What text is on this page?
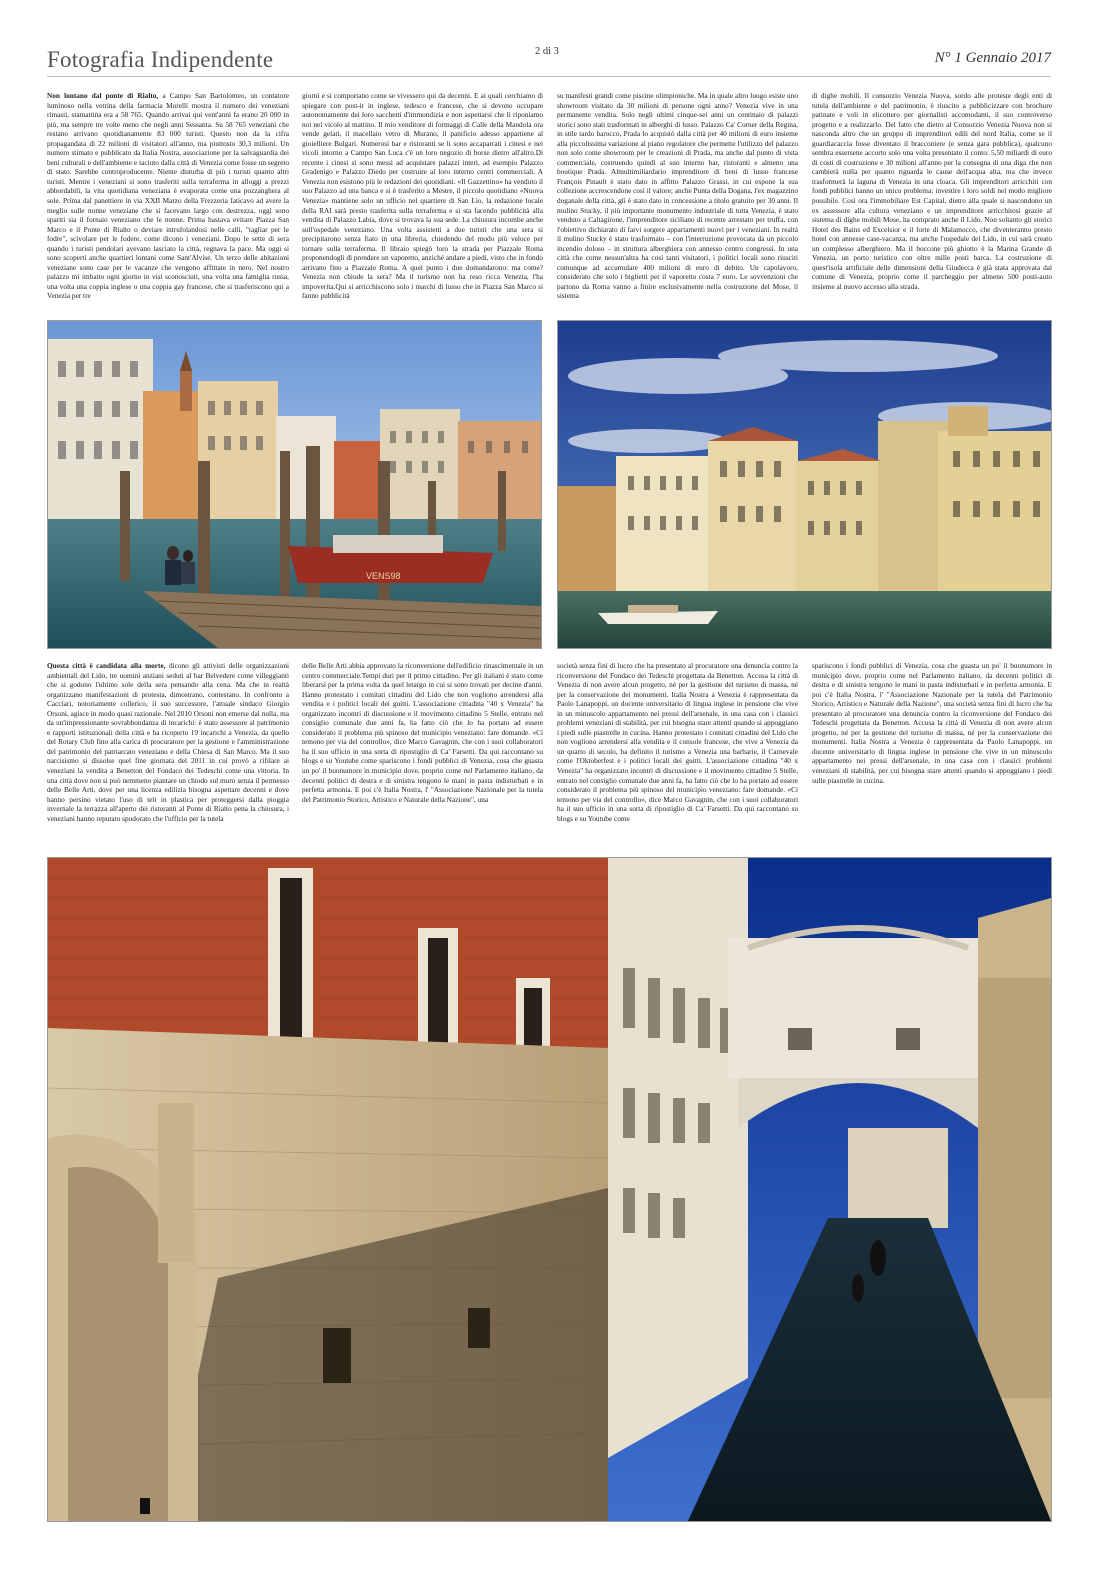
Fotografia Indipendente	2 di 3	N° 1 Gennaio 2017

Non lontano dal ponte di Rialto, a Campo San Bartolomeo, un contatore luminoso nella vetrina della farmacia Morelli mostra il numero dei veneziani rimasti, stamattina era a 58 765. Quando arrivai qui vent'anni fa erano 20 000 in più, ma sempre tre volte meno che negli anni Sessanta. Su 58 765 veneziani che restano arrivano quotidianamente 83 000 turisti. Questo non da la cifra propagandata di 22 milioni di visitatori all'anno, ma piuttosto 30,3 milioni. Un numero stimato e pubblicato da Italia Nostra, associazione per la salvaguardia dei beni culturali e dell'ambiente e taciuto dalla città di Venezia come fosse un segreto di stato. Sarebbe controproducente. Niente disturba di più i turisti quanto altri turisti. Mentre i veneziani si sono trasferiti sulla terraferma in alloggi a prezzi abbordabili, la vita quotidiana veneziana è evaporata come una pozzanghera al sole. Prima dal panettiere in via XXII Marzo della Frezzeria faticavo ad avere la meglio sulle nonne veneziane che si facevano largo con destrezza, oggi sono spariti sia il fornaio veneziano che le nonne. Prima bastava evitare Piazza San Marco e il Ponte di Rialto o deviare intrufolandosi nelle calli, "tagliar per le fodre", scivolare per le fodere, come dicono i veneziani. Dopo le sette di sera quando i turisti pendolari avevano lasciato la città, regnava la pace. Ma oggi si sono scoperti anche quartieri lontani come Sant'Alvise. Un terzo delle abitazioni veneziane sono case per le vacanze che vengono affittate in nero. Nel nostro palazzo mi imbatto ogni giorno in visi sconosciuti, una volta una famiglia russa, una volta una coppia inglese o una coppia gay francese, che si trasferiscono qui a Venezia per tre

giorni e si comportano come se vivessero qui da decenni. E ai quali cerchiamo di spiegare con post-it in inglese, tedesco e francese, che si devono occupare autonomamente dei loro sacchetti d'immondizia e non aspettarsi che li riponiamo noi nel vicolo al mattino. Il mio venditore di formaggi di Calle della Mandola ora vende gelati, il macellaio vetro di Murano, il panificio adesso appartiene al gioielliere Bulgari. Numerosi bar e ristoranti se li sono accaparrati i cinesi e nei vicoli intorno a Campo San Luca c'è un loro negozio di borse dietro all'altro.Di recente i cinesi si sono messi ad acquistare palazzi interi, ad esempio Palazzo Gradenigo e Palazzo Diedo per costruire al loro interno centri commerciali. A Venezia non esistono più le redazioni dei quotidiani. «Il Gazzettino» ha venduto il suo Palazzo ad una banca e si è trasferito a Mestre, il piccolo quotidiano «Nuova Venezia» mantiene solo un ufficio nel quartiere di San Lio, la redazione locale della RAI sarà presto trasferita sulla terraferma e si sta facendo pubblicità alla vendita di Palazzo Labia, dove si trovava la sua sede. La chiusura incombe anche sull'ospedale veneziano. Una volta assistetti a due turisti che una sera si precipitarono senza fiato in una libreria, chiedendo del modo più veloce per tornare sulla terraferma. Il libraio spiegò loro la strada per Piazzale Roma proponendogli di prendere un vaporetto, anziché andare a piedi, visto che in fondo arrivano fino a Piazzale Roma. A quel punto i due domandarono: ma come? Venezia non chiude la sera? Ma il turismo non ha reso ricca Venezia, l'ha impoverita.Qui si arricchiscono solo i marchi di lusso che in Piazza San Marco si fanno pubblicità

su manifesti grandi come piscine olimpioniche. Ma in quale altro luogo esiste uno showroom visitato da 30 milioni di persone ogni anno? Venezia vive in una permanente vendita. Solo negli ultimi cinque-sei anni un centinaio di palazzi storici sono stati trasformati in alberghi di lusso. Palazzo Ca' Corner della Regina, in stile tardo barocco, Prada lo acquistò dalla città per 40 milioni di euro insieme alla piccolissima variazione al piano regolatore che permette l'utilizzo del palazzo non solo come showroom per le creazioni di Prada, ma anche dal punto di vista commerciale, costruendo quindi al suo interno bar, ristoranti e almeno una boutique Prada. Almultimiliardario imprenditore di beni di lusso francese François Pinault è stato dato in affitto Palazzo Grassi, in cui espone la sua collezione accrescendone così il valore; anche Punta della Dogana, l'ex magazzino doganale della città, gli è stato dato in concessione a titolo gratuito per 30 anni. Il mulino Stucky, il più importante monumento industriale di tutta Venezia, è stato venduto a Caltagirone, l'imprenditore siciliano di recente arrestato per truffa, con l'obiettivo dichiarato di farvi sorgere appartamenti nuovi per i veneziani. In realtà il mulino Stucky è stato trasformato – con l'interruzione provocata da un piccolo incendio doloso – in struttura alberghiera con annesso centro congressi. In una città che come nessun'altra ha così tanti visitatori, i politici locali sono riusciti comunque ad accumulare 400 milioni di euro di debito. Un capolavoro, considerato che solo i biglietti per il vaporetto costa 7 euro. Le sovvenzioni che partono da Roma vanno a finire esclusivamente nella costruzione del Mose, il sistema

di dighe mobili. Il consorzio Venezia Nuova, sordo alle proteste degli enti di tutela dell'ambiente e del patrimonio, è riuscito a pubblicizzare con brochure patinate e voli in elicottero per giornalisti accomodanti, il suo controverso progetto e a realizzarlo. Del fatto che dietro al Consorzio Venezia Nuova non si nasconda altro che un gruppo di imprenditori edili del nord Italia, come se il guardiacaccia fosse diventato il bracconiere (e senza gara pubblica), qualcuno sembra essersene accorto solo una volta presentato il conto: 5,50 miliardi di euro di costi di costruzione e 30 milioni all'anno per la consegna di una diga che non cambierà nulla per quanto riguarda le cause dell'acqua alta, ma che invece trasformerà la laguna di Venezia in una cloaca. Gli imprenditori arricchiti con fondi pubblici hanno un unico problema: investire i loro soldi nel modo migliore possibile. Così ora l'immobiliare Est Capital, dietro alla quale si nascondono un ex assessore alla cultura veneziano e un imprenditore arricchitosi grazie al sistema di dighe mobili Mose, ha comprato anche il Lido. Non soltanto gli storici Hotel des Bains ed Excelsior e il forte di Malamocco, che diventeranno presto hotel con annesse case-vacanza, ma anche l'ospedale del Lido, in cui sarà creato un complesso alberghiero. Ma il boccone più ghiotto è la Marina Grande di Venezia, un porto turistico con oltre mille posti barca. La costruzione di quest'isola artificiale delle dimensioni della Giudecca è già stata approvata dal comune di Venezia, proprio come il parcheggio per almeno 500 posti-auto insieme al nuovo accesso alla strada.

VENS98

Questa città è candidata alla morte, dicono gli attivisti delle organizzazioni ambientali del Lido, tre uomini anziani seduti al bar Belvedere come villeggianti che si godono l'ultimo sole della sera pensando alla cena. Ma che in realtà organizzano manifestazioni di protesta, dimostrano, contestano. In confronto a Cacciari, notoriamente collerico, il suo successore, l'attuale sindaco Giorgio Orsoni, agisce in modo quasi razionale. Nel 2010 Orsoni non emerse dal nulla, ma da un'impressionante sovrabbondanza di incarichi: è stato assessore al patrimonio e rapporti istituzionali della città e ha ricoperto 19 incarichi a Venezia, da quello del Rotary Club fino alla carica di procuratore per la gestione e l'amministrazione del patrimonio del patriarcato veneziano e della Chiesa di San Marco. Ma il suo narcisismo si dissolse quel fine giornata del 2011 in cui provò a rifilare ai veneziani la vendita a Benetton del Fondaco dei Tedeschi come una vittoria. In una città dove non si può nemmeno piantare un chiodo sul muro senza il permesso delle Belle Arti, dove per una licenza edilizia bisogna aspettare decenni e dove hanno persino vietato l'uso di teli in plastica per proteggersi dalla pioggia invernale la terrazza all'aperto dei ristoranti al Ponte di Rialto pena la chiusura, i veneziani hanno reputato spudorato che l'ufficio per la tutela

delle Belle Arti abbia approvato la riconversione dell'edificio rinascimentale in un centro commerciale.Tempi duri per il primo cittadino. Per gli italiani è stato come liberarsi per la prima volta da quel letargo in cui si sono trovati per decine d'anni. Hanno protestato i comitati cittadini del Lido che non vogliono arrendersi alla vendita e i politici locali dei guitti. L'associazione cittadina "40 x Venezia" ha organizzato incontri di discussione e il movimento cittadino 5 Stelle, entrato nel consiglio comunale due anni fa, ha fatto ciò che lo ha portato ad essere considerato il problema più spinoso del municipio veneziano: fare domande. «Ci temono per via del controllo», dice Marco Gavagnin, che con i suoi collaboratori ha il suo ufficio in una sorta di ripostiglio di Ca' Farsetti. Da qui raccontano su blogs e su Youtube come spariscono i fondi pubblici di Venezia, cosa che guasta un po' il buonumore in municipio dove, proprio come nel Parlamento italiano, da decenni politici di destra e di sinistra tengono le mani in pasta indisturbati e in perfetta armonia. E poi c'è Italia Nostra, l' "Associazione Nazionale per la tutela del Patrimonio Storico, Artistico e Naturale della Nazione", una

società senza fini di lucro che ha presentato al procuratore una denuncia contro la riconversione del Fondaco dei Tedeschi progettata da Benetton. Accusa la città di Venezia di non avere alcun progetto, né per la gestione del turismo di massa, né per la conservazione dei monumenti. Italia Nostra a Venezia è rappresentata da Paolo Lanapoppi, un docente universitario di lingua inglese in pensione che vive in un minuscolo appartamento nei pressi dell'arsenale, in una casa con i classici problemi veneziani di stabilità, per cui bisogna stare attenti quando si appoggiano i piedi sulle piastrelle in cucina. Hanno protestato i comitati cittadini del Lido che non vogliono arrendersi alla vendita e il console francese, che vive a Venezia da un quarto di secolo, ha definito il turismo a Venezia una barbarie, il Carnevale come l'Oktoberfest e i politici locali dei guitti. L'associazione cittadina "40 x Venezia" ha organizzato incontri di discussione e il movimento cittadino 5 Stelle, entrato nel consiglio comunale due anni fa, ha fatto ciò che lo ha portato ad essere considerato il problema più spinoso del municipio veneziano: fare domande. «Ci temono per via del controllo», dice Marco Gavagnin, che con i suoi collaboratori ha il suo ufficio in una sorta di ripostiglio di Ca' Farsetti. Da qui raccontano su blogs e su Youtube come

spariscono i fondi pubblici di Venezia, cosa che guasta un po' il buonumore in municipio dove, proprio come nel Parlamento italiano, da decenni politici di destra e di sinistra tengono le mani in pasta indisturbati e in perfetta armonia. E poi c'è Italia Nostra, l' "Associazione Nazionale per la tutela del Patrimonio Storico, Artistico e Naturale della Nazione", una società senza fini di lucro che ha presentato al procuratore una denuncia contro la riconversione del Fondaco dei Tedeschi progettata da Benetton. Accusa la città di Venezia di non avere alcun progetto, né per la gestione del turismo di massa, né per la conservazione dei monumenti. Italia Nostra a Venezia è rappresentata da Paolo Lanapoppi, un docente universitario di lingua inglese in pensione che vive in un minuscolo appartamento nei pressi dell'arsenale, in una casa con i classici problemi veneziani di stabilità, per cui bisogna stare attenti quando si appoggiano i piedi sulle piastrelle in cucina.
